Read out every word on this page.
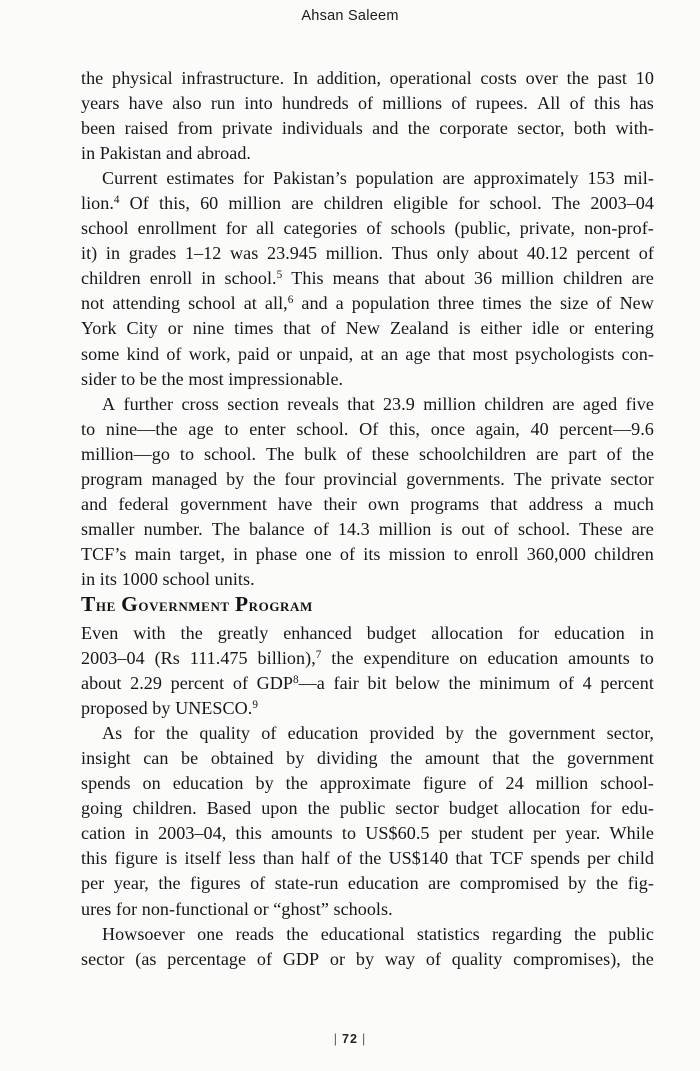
Ahsan Saleem
the physical infrastructure. In addition, operational costs over the past 10
years have also run into hundreds of millions of rupees. All of this has
been raised from private individuals and the corporate sector, both with-
in Pakistan and abroad.
Current estimates for Pakistan’s population are approximately 153 mil-
lion.$^4$ Of this, 60 million are children eligible for school. The 2003–04
school enrollment for all categories of schools (public, private, non-prof-
it) in grades 1–12 was 23.945 million. Thus only about 40.12 percent of
children enroll in school.$^5$ This means that about 36 million children are
not attending school at all,$^6$ and a population three times the size of New
York City or nine times that of New Zealand is either idle or entering
some kind of work, paid or unpaid, at an age that most psychologists con-
sider to be the most impressionable.
A further cross section reveals that 23.9 million children are aged five
to nine—the age to enter school. Of this, once again, 40 percent—9.6
million—go to school. The bulk of these schoolchildren are part of the
program managed by the four provincial governments. The private sector
and federal government have their own programs that address a much
smaller number. The balance of 14.3 million is out of school. These are
TCF’s main target, in phase one of its mission to enroll 360,000 children
in its 1000 school units.
The Government Program
Even with the greatly enhanced budget allocation for education in
2003–04 (Rs 111.475 billion),$^7$ the expenditure on education amounts to
about 2.29 percent of GDP$^8$—a fair bit below the minimum of 4 percent
proposed by UNESCO.$^9$
As for the quality of education provided by the government sector,
insight can be obtained by dividing the amount that the government
spends on education by the approximate figure of 24 million school-
going children. Based upon the public sector budget allocation for edu-
cation in 2003–04, this amounts to US$60.5 per student per year. While
this figure is itself less than half of the US$140 that TCF spends per child
per year, the figures of state-run education are compromised by the fig-
ures for non-functional or “ghost” schools.
Howsoever one reads the educational statistics regarding the public
sector (as percentage of GDP or by way of quality compromises), the
| 72 |
